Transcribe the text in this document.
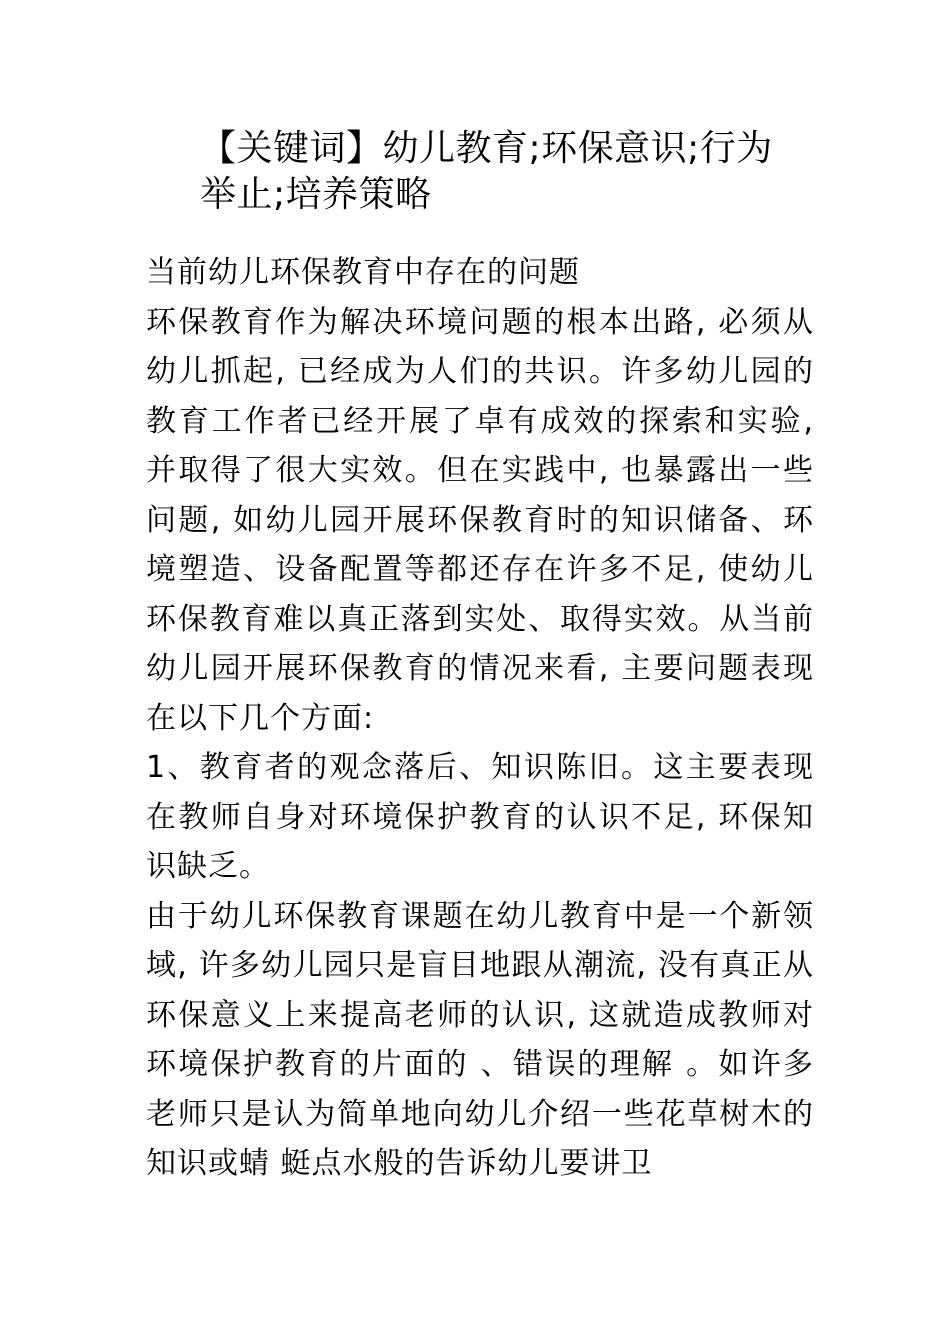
【关键词】幼儿教育;环保意识;行为

举止;培养策略

当前幼儿环保教育中存在的问题

环保教育作为解决环境问题的根本出路, 必须从幼儿抓起, 已经成为人们的共识。许多幼儿园的教育工作者已经开展了卓有成效的探索和实验, 并取得了很大实效。但在实践中, 也暴露出一些问题, 如幼儿园开展环保教育时的知识储备、环境塑造、设备配置等都还存在许多不足, 使幼儿环保教育难以真正落到实处、取得实效。从当前幼儿园开展环保教育的情况来看, 主要问题表现在以下几个方面:

1、教育者的观念落后、知识陈旧。这主要表现在教师自身对环境保护教育的认识不足, 环保知识缺乏。

由于幼儿环保教育课题在幼儿教育中是一个新领域, 许多幼儿园只是盲目地跟从潮流, 没有真正从环保意义上来提高老师的认识, 这就造成教师对环境保护教育的片面的 、错误的理解 。如许多老师只是认为简单地向幼儿介绍一些花草树木的知识或蜻 蜓点水般的告诉幼儿要讲卫
